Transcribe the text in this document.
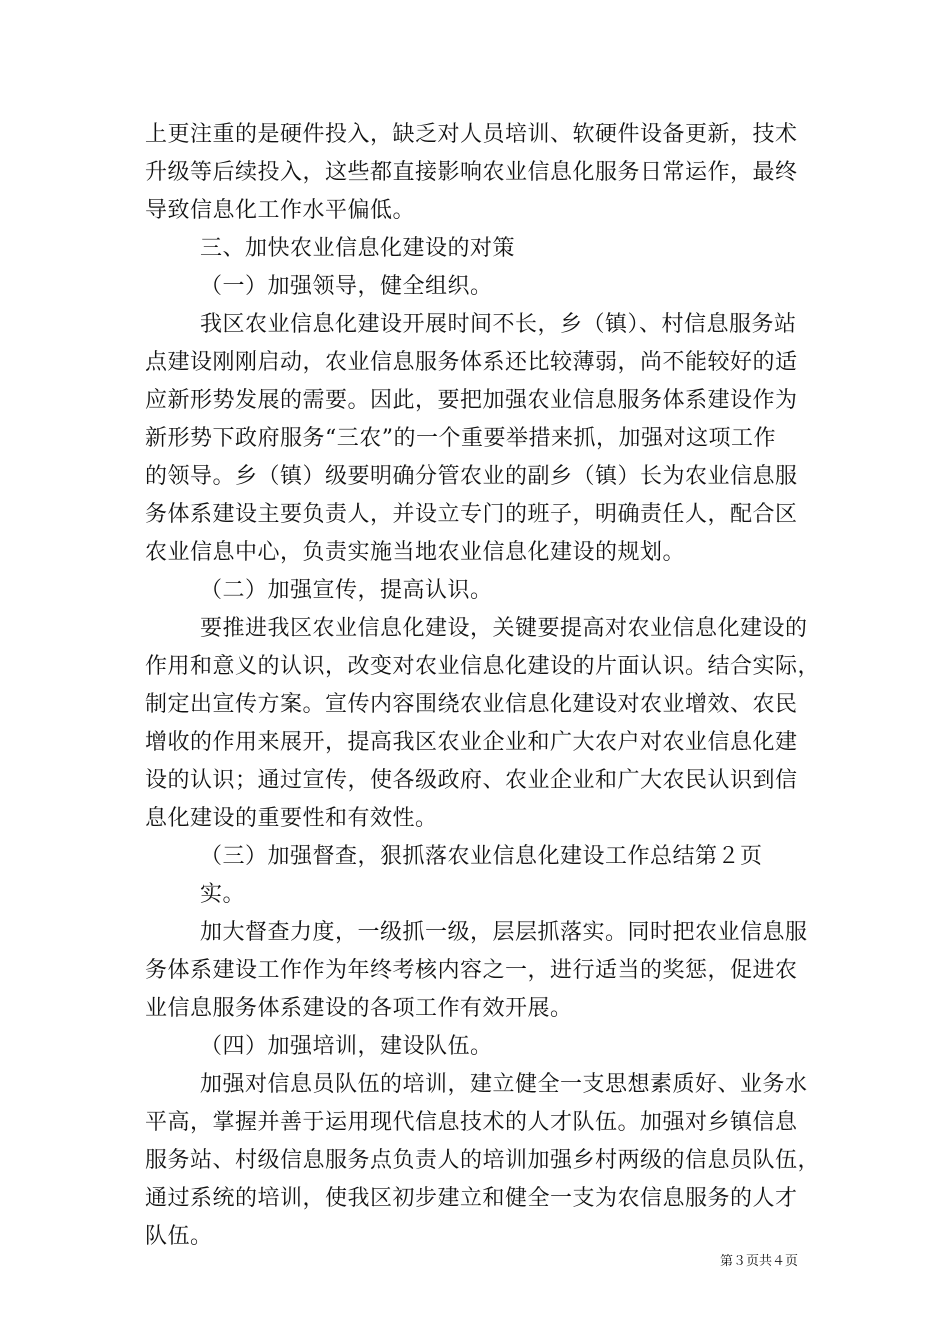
上更注重的是硬件投入，缺乏对人员培训、软硬件设备更新，技术

升级等后续投入，这些都直接影响农业信息化服务日常运作，最终

导致信息化工作水平偏低。

三、加快农业信息化建设的对策

（一）加强领导，健全组织。

我区农业信息化建设开展时间不长，乡（镇）、村信息服务站

点建设刚刚启动，农业信息服务体系还比较薄弱，尚不能较好的适

应新形势发展的需要。因此，要把加强农业信息服务体系建设作为

新形势下政府服务“三农”的一个重要举措来抓，加强对这项工作

的领导。乡（镇）级要明确分管农业的副乡（镇）长为农业信息服

务体系建设主要负责人，并设立专门的班子，明确责任人，配合区

农业信息中心，负责实施当地农业信息化建设的规划。

（二）加强宣传，提高认识。

要推进我区农业信息化建设，关键要提高对农业信息化建设的

作用和意义的认识，改变对农业信息化建设的片面认识。结合实际，

制定出宣传方案。宣传内容围绕农业信息化建设对农业增效、农民

增收的作用来展开，提高我区农业企业和广大农户对农业信息化建

设的认识；通过宣传，使各级政府、农业企业和广大农民认识到信

息化建设的重要性和有效性。

（三）加强督查，狠抓落农业信息化建设工作总结第２页

实。

加大督查力度，一级抓一级，层层抓落实。同时把农业信息服

务体系建设工作作为年终考核内容之一，进行适当的奖惩，促进农

业信息服务体系建设的各项工作有效开展。

（四）加强培训，建设队伍。

加强对信息员队伍的培训，建立健全一支思想素质好、业务水

平高，掌握并善于运用现代信息技术的人才队伍。加强对乡镇信息

服务站、村级信息服务点负责人的培训加强乡村两级的信息员队伍，

通过系统的培训，使我区初步建立和健全一支为农信息服务的人才

队伍。

第３页共４页
